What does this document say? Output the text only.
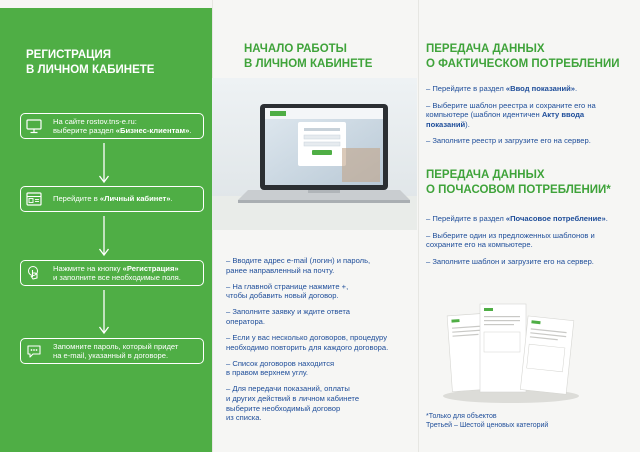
РЕГИСТРАЦИЯ
В ЛИЧНОМ КАБИНЕТЕ
На сайте rostov.tns-e.ru:
выберите раздел «Бизнес-клиентам».
Перейдите в «Личный кабинет».
Нажмите на кнопку «Регистрация»
и заполните все необходимые поля.
Запомните пароль, который придет
на e-mail, указанный в договоре.
НАЧАЛО РАБОТЫ
В ЛИЧНОМ КАБИНЕТЕ
– Вводите адрес e-mail (логин) и пароль,
ранее направленный на почту.
– На главной странице нажмите +,
чтобы добавить новый договор.
– Заполните заявку и ждите ответа
оператора.
– Если у вас несколько договоров, процедуру
необходимо повторить для каждого договора.
– Список договоров находится
в правом верхнем углу.
– Для передачи показаний, оплаты
и других действий в личном кабинете
выберите необходимый договор
из списка.
ПЕРЕДАЧА ДАННЫХ
О ФАКТИЧЕСКОМ ПОТРЕБЛЕНИИ
– Перейдите в раздел «Ввод показаний».
– Выберите шаблон реестра и сохраните его на компьютере (шаблон идентичен Акту ввода показаний).
– Заполните реестр и загрузите его на сервер.
ПЕРЕДАЧА ДАННЫХ
О ПОЧАСОВОМ ПОТРЕБЛЕНИИ*
– Перейдите в раздел «Почасовое потребление».
– Выберите один из предложенных шаблонов и сохраните его на компьютере.
– Заполните шаблон и загрузите его на сервер.
*Только для объектов
Третьей – Шестой ценовых категорий
